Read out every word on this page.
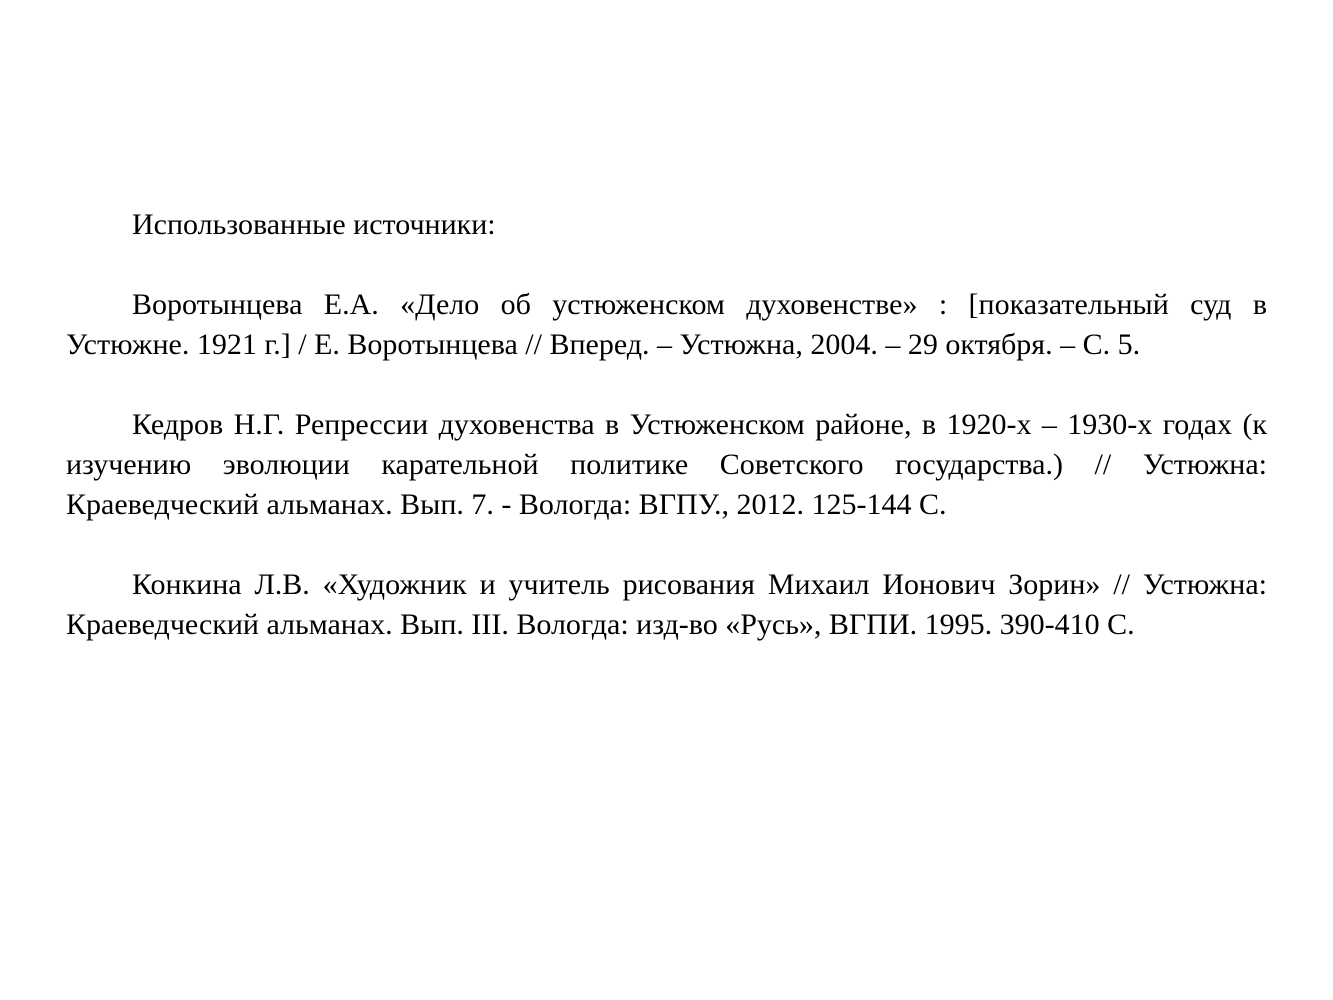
Использованные источники:

Воротынцева Е.А. «Дело об устюженском духовенстве» : [показательный суд в Устюжне. 1921 г.] / Е. Воротынцева // Вперед. – Устюжна, 2004. – 29 октября. – С. 5.

Кедров Н.Г. Репрессии духовенства в Устюженском районе, в 1920-х – 1930-х годах (к изучению эволюции карательной политике Советского государства.) // Устюжна: Краеведческий альманах. Вып. 7. - Вологда: ВГПУ., 2012. 125-144 С.

Конкина Л.В. «Художник и учитель рисования Михаил Ионович Зорин» // Устюжна: Краеведческий альманах. Вып. III. Вологда: изд-во «Русь», ВГПИ. 1995. 390-410 С.
